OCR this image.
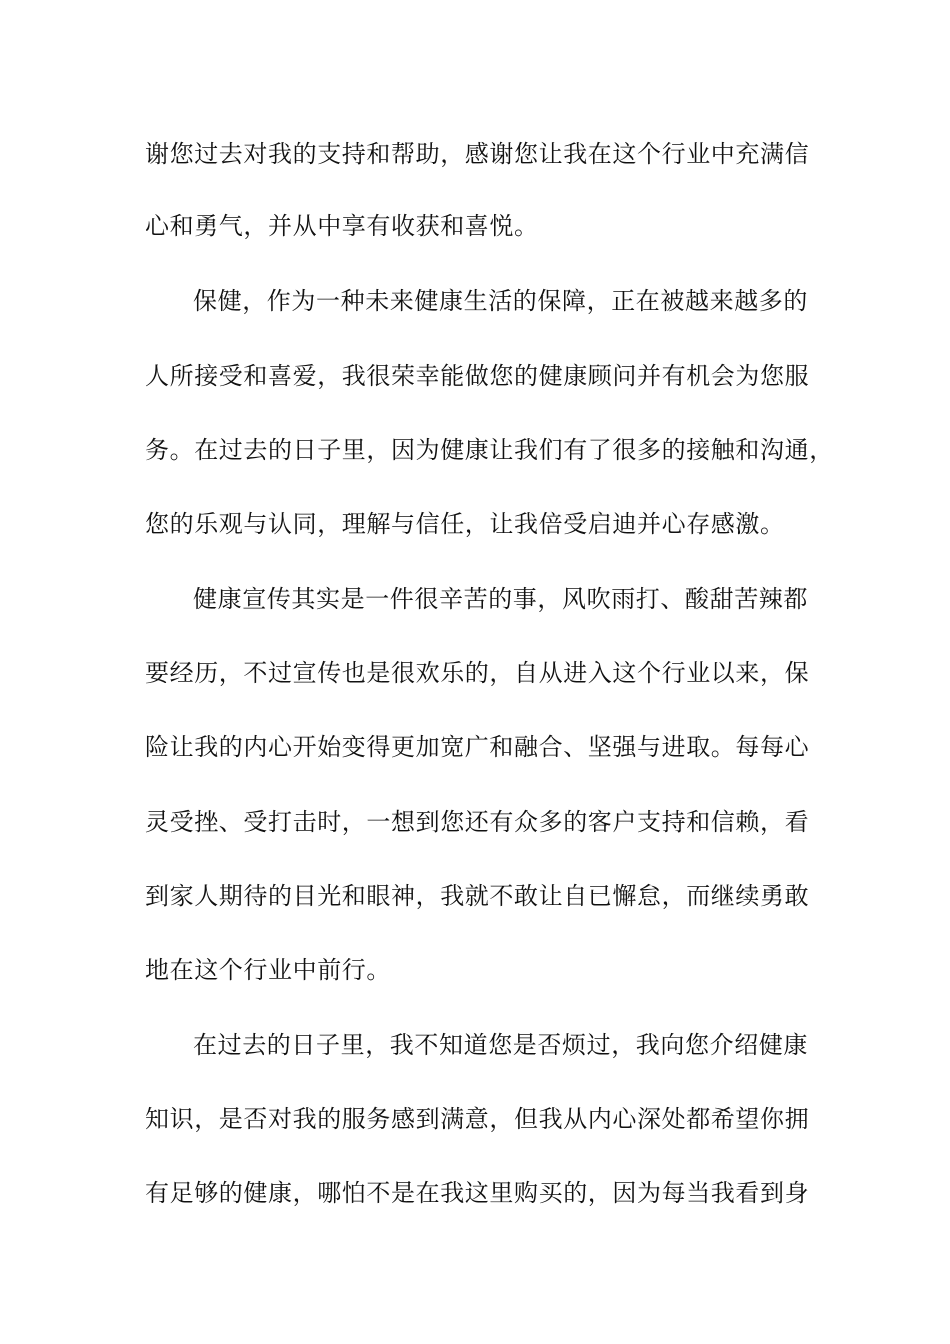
谢您过去对我的支持和帮助，感谢您让我在这个行业中充满信
心和勇气，并从中享有收获和喜悦。
保健，作为一种未来健康生活的保障，正在被越来越多的
人所接受和喜爱，我很荣幸能做您的健康顾问并有机会为您服
务。在过去的日子里，因为健康让我们有了很多的接触和沟通，
您的乐观与认同，理解与信任，让我倍受启迪并心存感激。
健康宣传其实是一件很辛苦的事，风吹雨打、酸甜苦辣都
要经历，不过宣传也是很欢乐的，自从进入这个行业以来，保
险让我的内心开始变得更加宽广和融合、坚强与进取。每每心
灵受挫、受打击时，一想到您还有众多的客户支持和信赖，看
到家人期待的目光和眼神，我就不敢让自已懈怠，而继续勇敢
地在这个行业中前行。
在过去的日子里，我不知道您是否烦过，我向您介绍健康
知识，是否对我的服务感到满意，但我从内心深处都希望你拥
有足够的健康，哪怕不是在我这里购买的，因为每当我看到身
